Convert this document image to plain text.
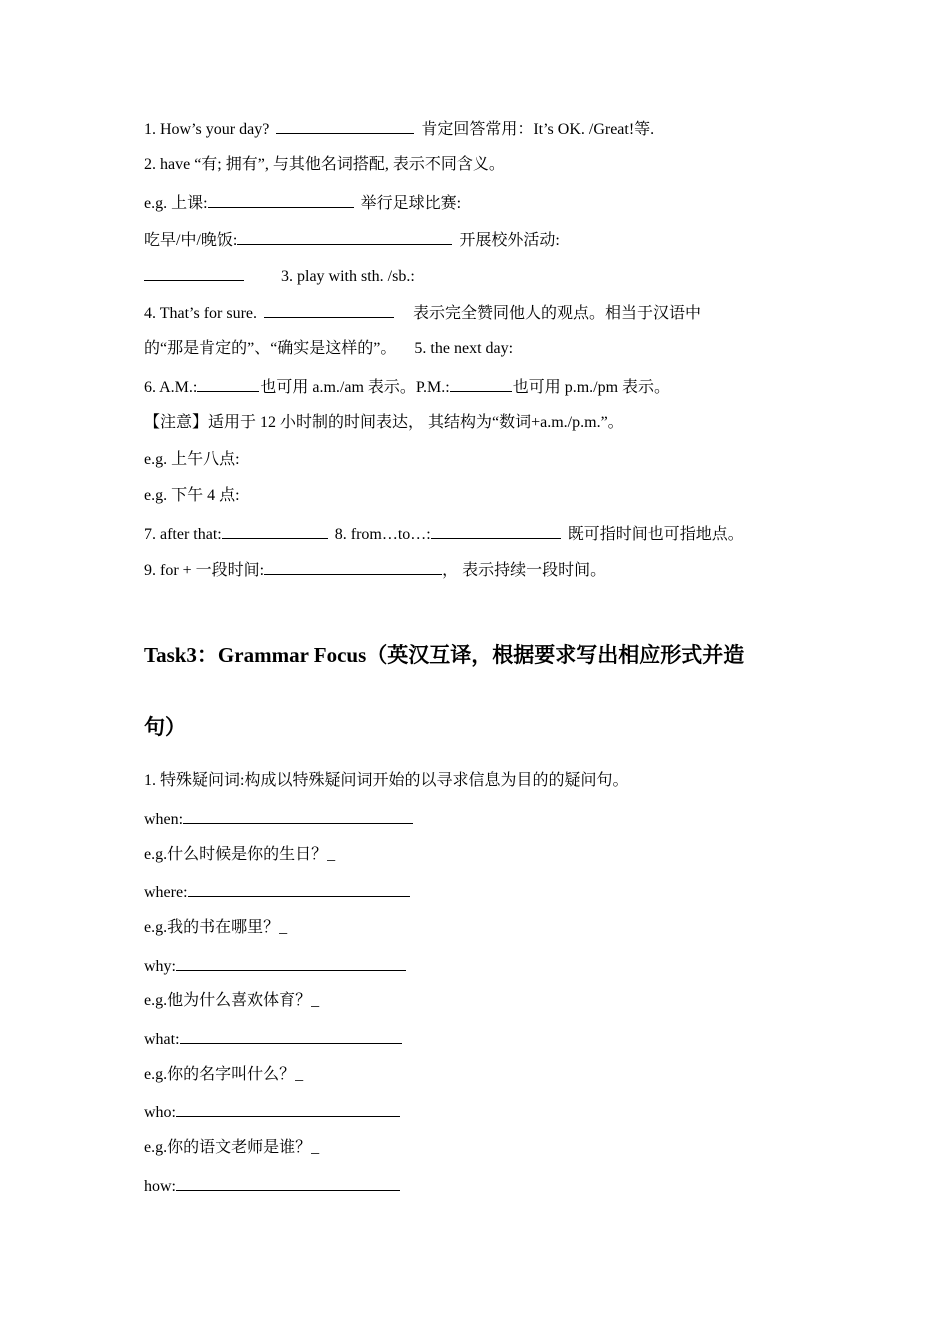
1. How’s your day?	肯定回答常用：It’s OK. /Great!等.
2. have “有; 拥有”, 与其他名词搭配, 表示不同含义。
e.g. 上课:	举行足球比赛:
吃早/中/晚饭:	开展校外活动:
3. play with sth. /sb.:
4. That’s for sure.	表示完全赞同他人的观点。相当于汉语中
的“那是肯定的”、“确实是这样的”。 5. the next day:
6. A.M.:	也可用 a.m./am 表示。P.M.:	也可用 p.m./pm 表示。
【注意】适用于 12 小时制的时间表达， 其结构为“数词+a.m./p.m.”。
e.g. 上午八点:
e.g. 下午 4 点:
7. after that:	8. from…to…:	既可指时间也可指地点。
9. for + 一段时间:	， 表示持续一段时间。
Task3：Grammar Focus（英汉互译，根据要求写出相应形式并造
句）
1. 特殊疑问词:构成以特殊疑问词开始的以寻求信息为目的的疑问句。
when:
e.g.什么时候是你的生日？_
where:
e.g.我的书在哪里？_
why:
e.g.他为什么喜欢体育？_
what:
e.g.你的名字叫什么？_
who:
e.g.你的语文老师是谁？_
how:
